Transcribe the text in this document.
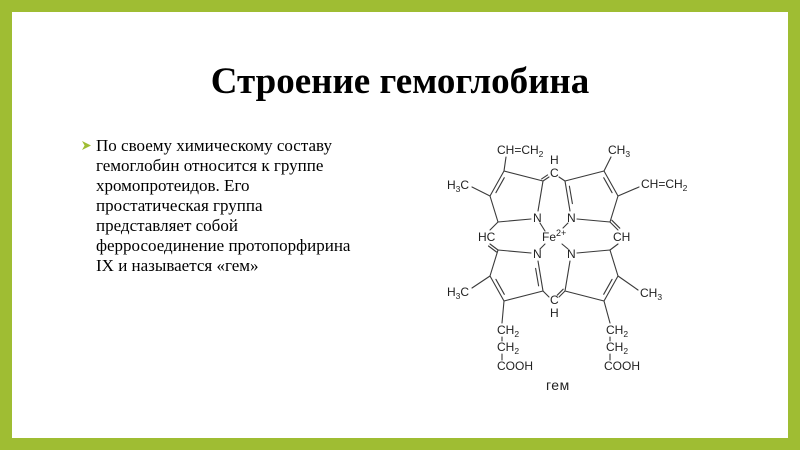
Строение гемоглобина
По своему химическому составу
гемоглобин относится к группе
хромопротеидов. Его
простатическая группа
представляет собой
ферросоединение протопорфирина
IX и называется «гем»
$CH=CH_2$ H
C
$CH_3$
$H_3C$	$CH=CH_2$
N N
HC	$Fe^{2+}$	CH
N N
$H_3C$	$CH_3$
C
H
$CH_2$
$CH_2$
COOH
$CH_2$
$CH_2$
COOH
гем
